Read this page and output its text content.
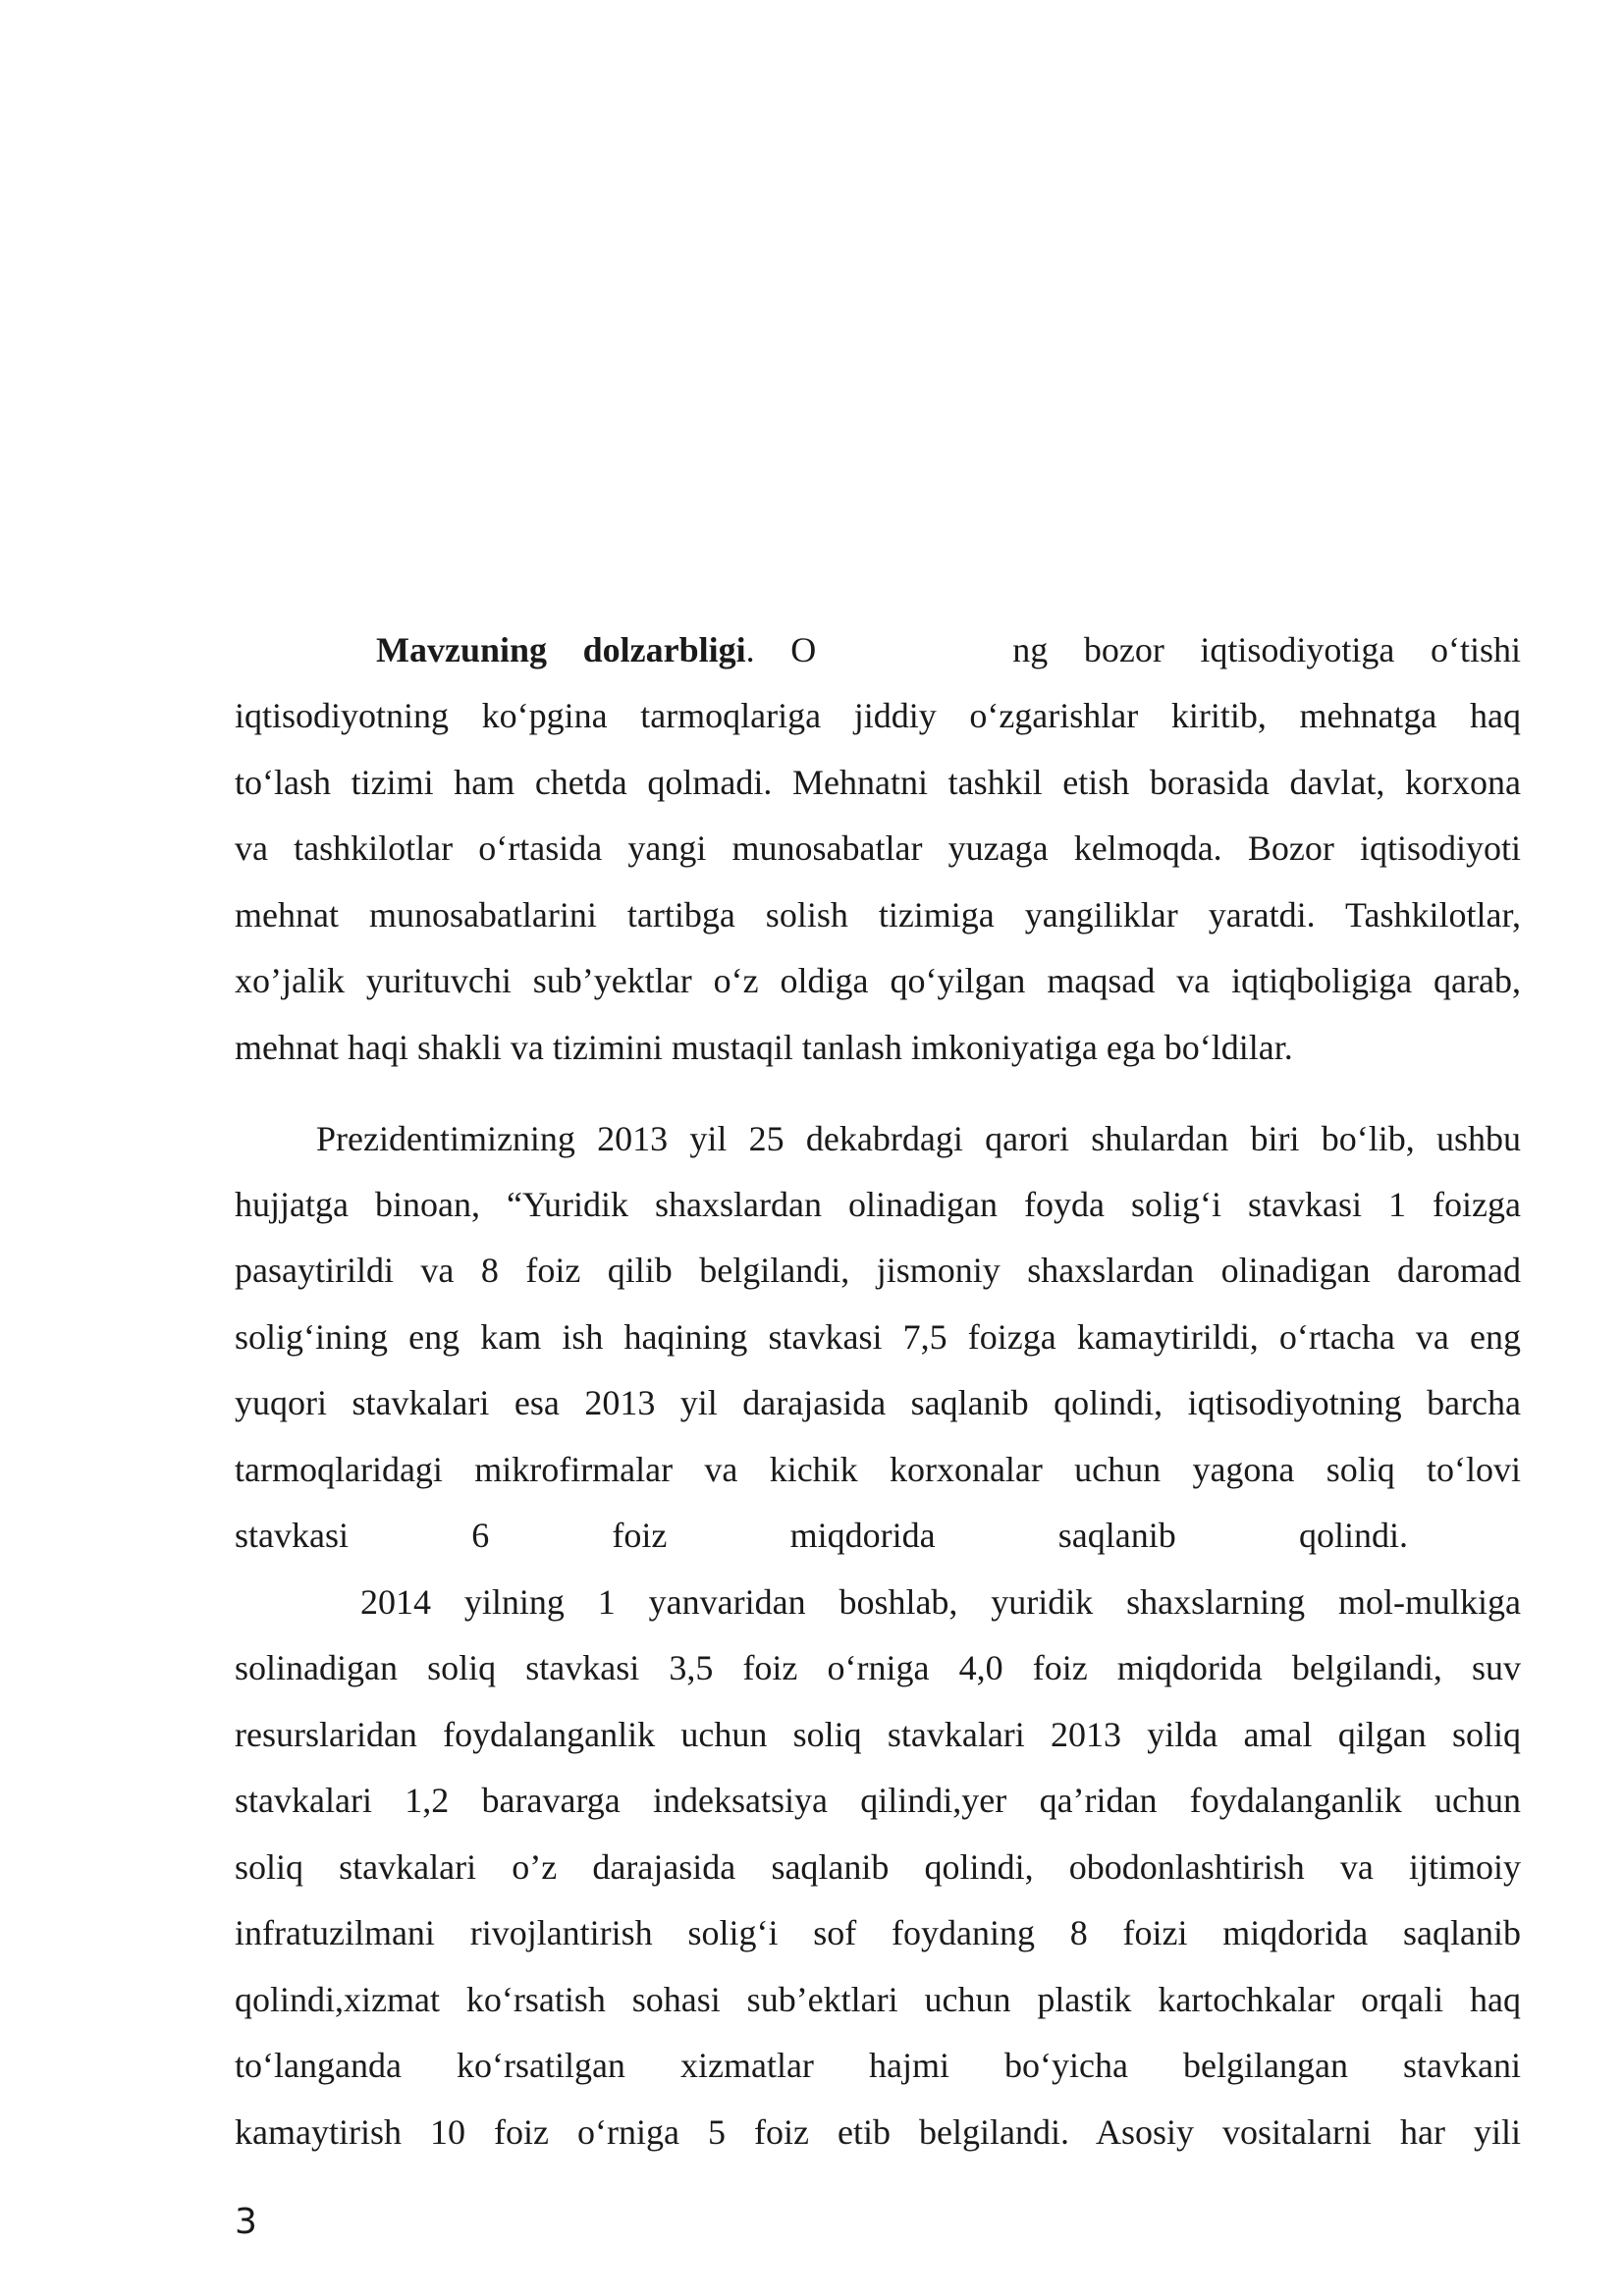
Mavzuning dolzarbligi. O	ng bozor iqtisodiyotiga o‘tishi
iqtisodiyotning ko‘pgina tarmoqlariga jiddiy o‘zgarishlar kiritib, mehnatga haq
to‘lash tizimi ham chetda qolmadi. Mehnatni tashkil etish borasida davlat, korxona
va tashkilotlar o‘rtasida yangi munosabatlar yuzaga kelmoqda. Bozor iqtisodiyoti
mehnat munosabatlarini tartibga solish tizimiga yangiliklar yaratdi. Tashkilotlar,
xo’jalik yurituvchi sub’yektlar o‘z oldiga qo‘yilgan maqsad va iqtiqboligiga qarab,
mehnat haqi shakli va tizimini mustaqil tanlash imkoniyatiga ega bo‘ldilar.
Prezidentimizning 2013 yil 25 dekabrdagi qarori shulardan biri bo‘lib, ushbu
hujjatga binoan, “Yuridik shaxslardan olinadigan foyda solig‘i stavkasi 1 foizga
pasaytirildi va 8 foiz qilib belgilandi, jismoniy shaxslardan olinadigan daromad
solig‘ining eng kam ish haqining stavkasi 7,5 foizga kamaytirildi, o‘rtacha va eng
yuqori stavkalari esa 2013 yil darajasida saqlanib qolindi, iqtisodiyotning barcha
tarmoqlaridagi mikrofirmalar va kichik korxonalar uchun yagona soliq to‘lovi
stavkasi 6 foiz miqdorida saqlanib qolindi.
2014 yilning 1 yanvaridan boshlab, yuridik shaxslarning mol-mulkiga
solinadigan soliq stavkasi 3,5 foiz o‘rniga 4,0 foiz miqdorida belgilandi, suv
resurslaridan foydalanganlik uchun soliq stavkalari 2013 yilda amal qilgan soliq
stavkalari 1,2 baravarga indeksatsiya qilindi,yer qa’ridan foydalanganlik uchun
soliq stavkalari o’z darajasida saqlanib qolindi, obodonlashtirish va ijtimoiy
infratuzilmani rivojlantirish solig‘i sof foydaning 8 foizi miqdorida saqlanib
qolindi,xizmat ko‘rsatish sohasi sub’ektlari uchun plastik kartochkalar orqali haq
to‘langanda ko‘rsatilgan xizmatlar hajmi bo‘yicha belgilangan stavkani
kamaytirish 10 foiz o‘rniga 5 foiz etib belgilandi. Asosiy vositalarni har yili
3
